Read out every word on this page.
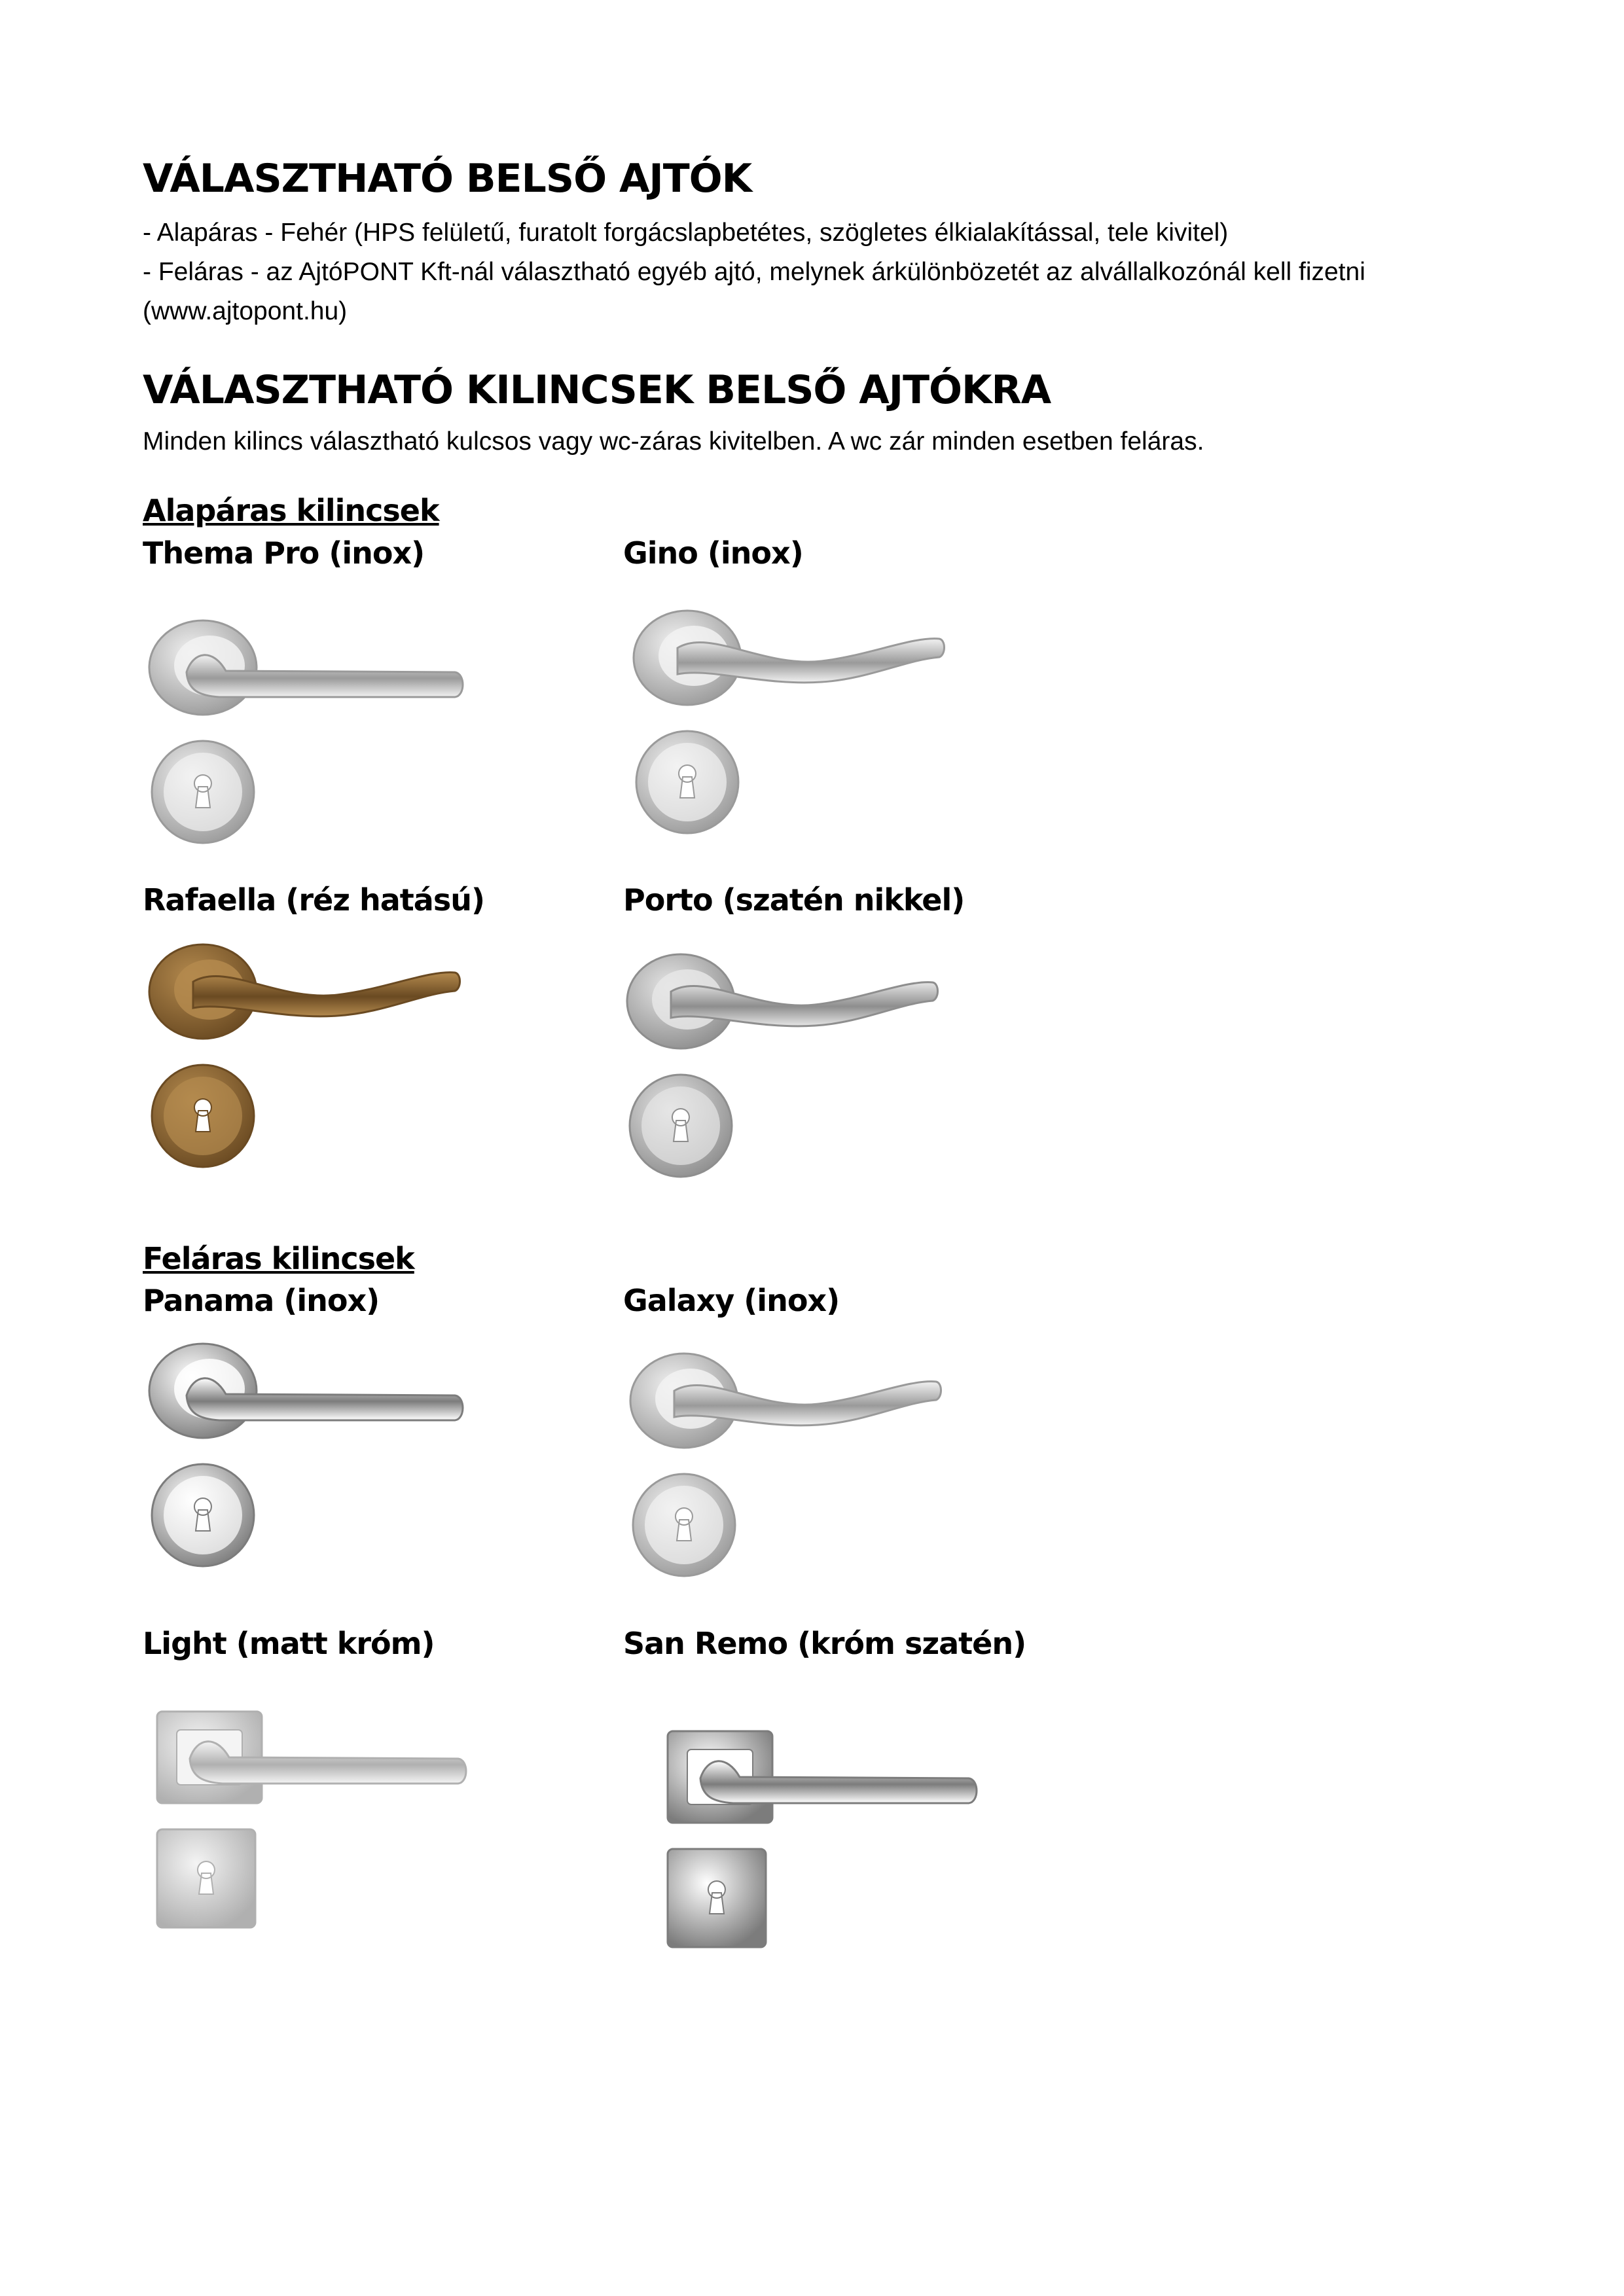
VÁLASZTHATÓ BELSŐ AJTÓK

- Alapáras - Fehér (HPS felületű, furatolt forgácslapbetétes, szögletes élkialakítással, tele kivitel)

- Feláras - az AjtóPONT Kft-nál választható egyéb ajtó, melynek árkülönbözetét az alvállalkozónál kell fizetni

(www.ajtopont.hu)

VÁLASZTHATÓ KILINCSEK BELSŐ AJTÓKRA

Minden kilincs választható kulcsos vagy wc-záras kivitelben. A wc zár minden esetben feláras.

Alapáras kilincsek

Thema Pro (inox)	Gino (inox)

Rafaella (réz hatású)	Porto (szatén nikkel)

Feláras kilincsek

Panama (inox)	Galaxy (inox)

Light (matt króm)	San Remo (króm szatén)
